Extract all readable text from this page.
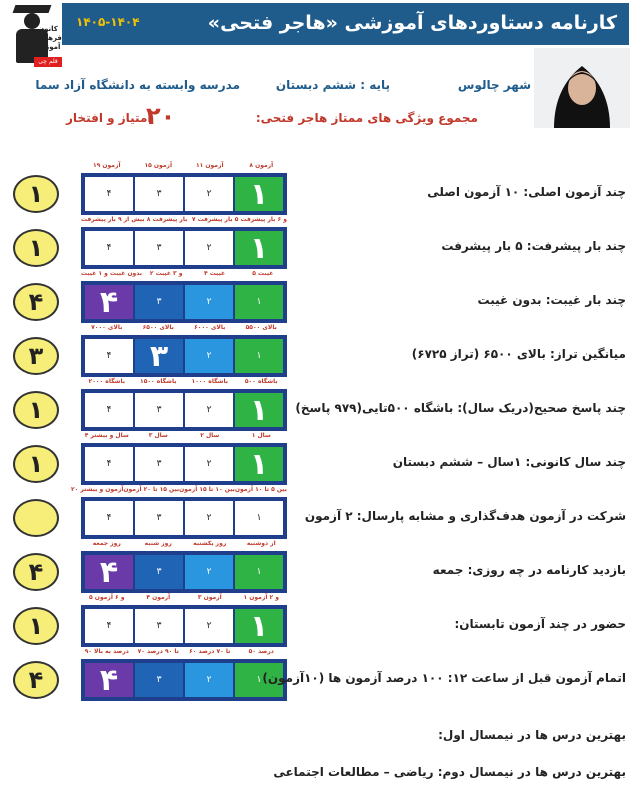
کارنامه دستاوردهای آموزشی «هاجر فتحی»
۱۴۰۵-۱۴۰۴
کانون
فرهنگی
آموزش
قلم چی
شهر چالوس
پایه : ششم دبستان
مدرسه وابسته به دانشگاه آزاد سما
مجموع ویژگی های ممتاز هاجر فتحی:
۲۰
امتیاز و افتخار
۸ آزمون
۱۱ آزمون
۱۵ آزمون
۱۹ آزمون
۱
۲
۳
۴
۱	چند آزمون اصلی: ۱۰ آزمون اصلی
۵ و ۶ بار پیشرفت
۷ بار پیشرفت
۸ بار پیشرفت
بیش از ۹ بار پیشرفت
۱
۲
۳
۴
۱	چند بار پیشرفت: ۵ بار پیشرفت
۵ غیبت
۴ غیبت
۲ و ۳ غیبت
بدون غیبت و ۱ غیبت
۱
۲
۳
۴
۴	چند بار غیبت: بدون غیبت
بالای ۵۵۰۰
بالای ۶۰۰۰
بالای ۶۵۰۰
بالای ۷۰۰۰
۱
۲
۳
۴
۳	میانگین تراز: بالای ۶۵۰۰ (تراز ۶۷۲۵)
باشگاه ۵۰۰
باشگاه ۱۰۰۰
باشگاه ۱۵۰۰
باشگاه ۲۰۰۰
۱
۲
۳
۴
۱	چند پاسخ صحیح(دریک سال): باشگاه ۵۰۰تایی(۹۷۹ پاسخ)
۱ سال
۲ سال
۳ سال
۴ سال و بیشتر
۱
۲
۳
۴
۱	چند سال کانونی: ۱سال – ششم دبستان
بین ۵ تا ۱۰ آزمون
بین ۱۰ تا ۱۵ آزمون
بین ۱۵ تا ۲۰ آزمون
۲۰ آزمون و بیشتر
۱
۲
۳
۴	شرکت در آزمون هدف‌گذاری و مشابه پارسال: ۲ آزمون
از دوشنبه
روز یکشنبه
روز شنبه
روز جمعه
۱
۲
۳
۴
۴	بازدید کارنامه در چه روزی: جمعه
۱ و ۲ آزمون
۳ آزمون
۴ آزمون
۵ و ۶ آزمون
۱
۲
۳
۴
۱	حضور در چند آزمون تابستان:
۵۰ درصد
۶۰ تا ۷۰ درصد
۷۰ تا ۹۰ درصد
۹۰ درصد به بالا
۱
۲
۳
۴
۴	اتمام آزمون قبل از ساعت ۱۲: ۱۰۰ درصد آزمون ها (۱۰آزمون)
بهترین درس ها در نیمسال اول:
بهترین درس ها در نیمسال دوم: ریاضی – مطالعات اجتماعی
